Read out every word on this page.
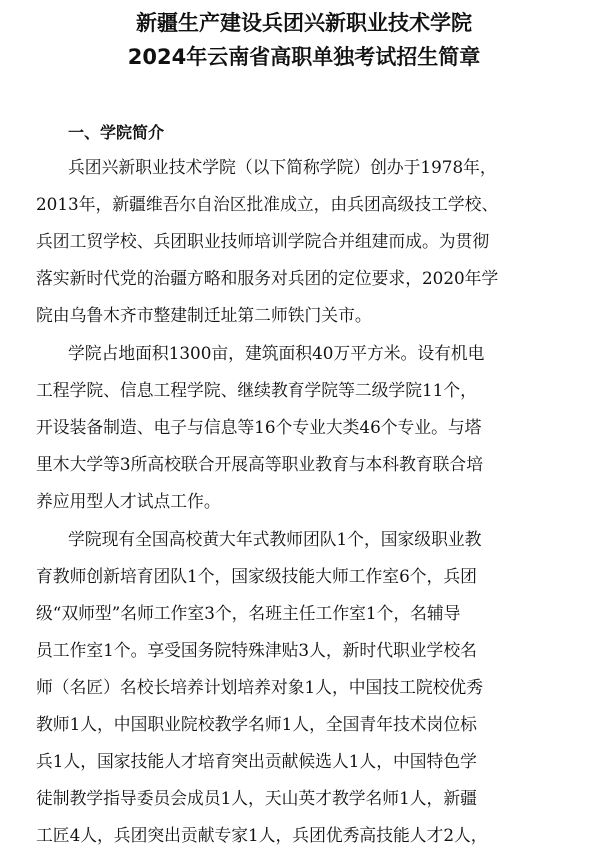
新疆生产建设兵团兴新职业技术学院
2024年云南省高职单独考试招生简章
一、学院简介

兵团兴新职业技术学院（以下简称学院）创办于1978年，

2013年，新疆维吾尔自治区批准成立，由兵团高级技工学校、

兵团工贸学校、兵团职业技师培训学院合并组建而成。为贯彻

落实新时代党的治疆方略和服务对兵团的定位要求，2020年学

院由乌鲁木齐市整建制迁址第二师铁门关市。

学院占地面积1300亩，建筑面积40万平方米。设有机电

工程学院、信息工程学院、继续教育学院等二级学院11个，

开设装备制造、电子与信息等16个专业大类46个专业。与塔

里木大学等3所高校联合开展高等职业教育与本科教育联合培

养应用型人才试点工作。

学院现有全国高校黄大年式教师团队1个，国家级职业教

育教师创新培育团队1个，国家级技能大师工作室6个，兵团

级“双师型”名师工作室3个，名班主任工作室1个，名辅导

员工作室1个。享受国务院特殊津贴3人，新时代职业学校名

师（名匠）名校长培养计划培养对象1人，中国技工院校优秀

教师1人，中国职业院校教学名师1人，全国青年技术岗位标

兵1人，国家技能人才培育突出贡献候选人1人，中国特色学

徒制教学指导委员会成员1人，天山英才教学名师1人，新疆

工匠4人，兵团突出贡献专家1人，兵团优秀高技能人才2人，
